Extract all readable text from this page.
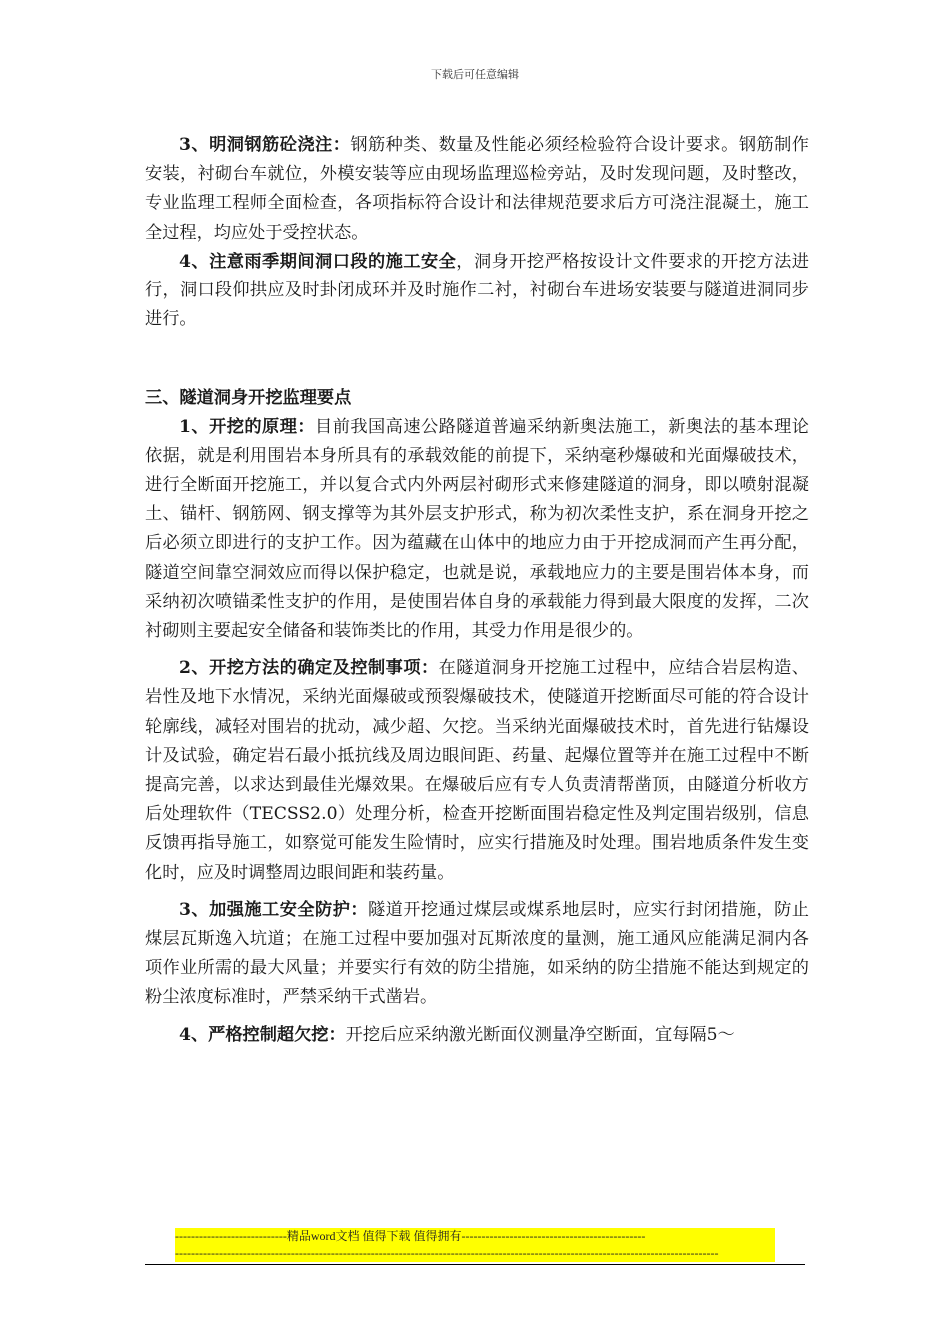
下载后可任意编辑

3、明洞钢筋砼浇注：钢筋种类、数量及性能必须经检验符合设计要求。钢筋制作安装，衬砌台车就位，外模安装等应由现场监理巡检旁站，及时发现问题，及时整改，专业监理工程师全面检查，各项指标符合设计和法律规范要求后方可浇注混凝土，施工全过程，均应处于受控状态。

4、注意雨季期间洞口段的施工安全，洞身开挖严格按设计文件要求的开挖方法进行，洞口段仰拱应及时卦闭成环并及时施作二衬，衬砌台车进场安装要与隧道进洞同步进行。

三、隧道洞身开挖监理要点

1、开挖的原理：目前我国高速公路隧道普遍采纳新奥法施工，新奥法的基本理论依据，就是利用围岩本身所具有的承载效能的前提下，采纳毫秒爆破和光面爆破技术，进行全断面开挖施工，并以复合式内外两层衬砌形式来修建隧道的洞身，即以喷射混凝土、锚杆、钢筋网、钢支撑等为其外层支护形式，称为初次柔性支护，系在洞身开挖之后必须立即进行的支护工作。因为蕴藏在山体中的地应力由于开挖成洞而产生再分配，隧道空间靠空洞效应而得以保护稳定，也就是说，承载地应力的主要是围岩体本身，而采纳初次喷锚柔性支护的作用，是使围岩体自身的承载能力得到最大限度的发挥，二次衬砌则主要起安全储备和装饰类比的作用，其受力作用是很少的。

2、开挖方法的确定及控制事项：在隧道洞身开挖施工过程中，应结合岩层构造、岩性及地下水情况，采纳光面爆破或预裂爆破技术，使隧道开挖断面尽可能的符合设计轮廓线，减轻对围岩的扰动，减少超、欠挖。当采纳光面爆破技术时，首先进行钻爆设计及试验，确定岩石最小抵抗线及周边眼间距、药量、起爆位置等并在施工过程中不断提高完善，以求达到最佳光爆效果。在爆破后应有专人负责清帮凿顶，由隧道分析收方后处理软件（TECSS2.0）处理分析，检查开挖断面围岩稳定性及判定围岩级别，信息反馈再指导施工，如察觉可能发生险情时，应实行措施及时处理。围岩地质条件发生变化时，应及时调整周边眼间距和装药量。

3、加强施工安全防护：隧道开挖通过煤层或煤系地层时，应实行封闭措施，防止煤层瓦斯逸入坑道；在施工过程中要加强对瓦斯浓度的量测，施工通风应能满足洞内各项作业所需的最大风量；并要实行有效的防尘措施，如采纳的防尘措施不能达到规定的粉尘浓度标准时，严禁采纳干式凿岩。

4、严格控制超欠挖：开挖后应采纳激光断面仪测量净空断面，宜每隔5～

----------------------------精品word文档 值得下载 值得拥有----------------------------------------------
----------------------------------------------------------------------------------------------------------------------------------------
